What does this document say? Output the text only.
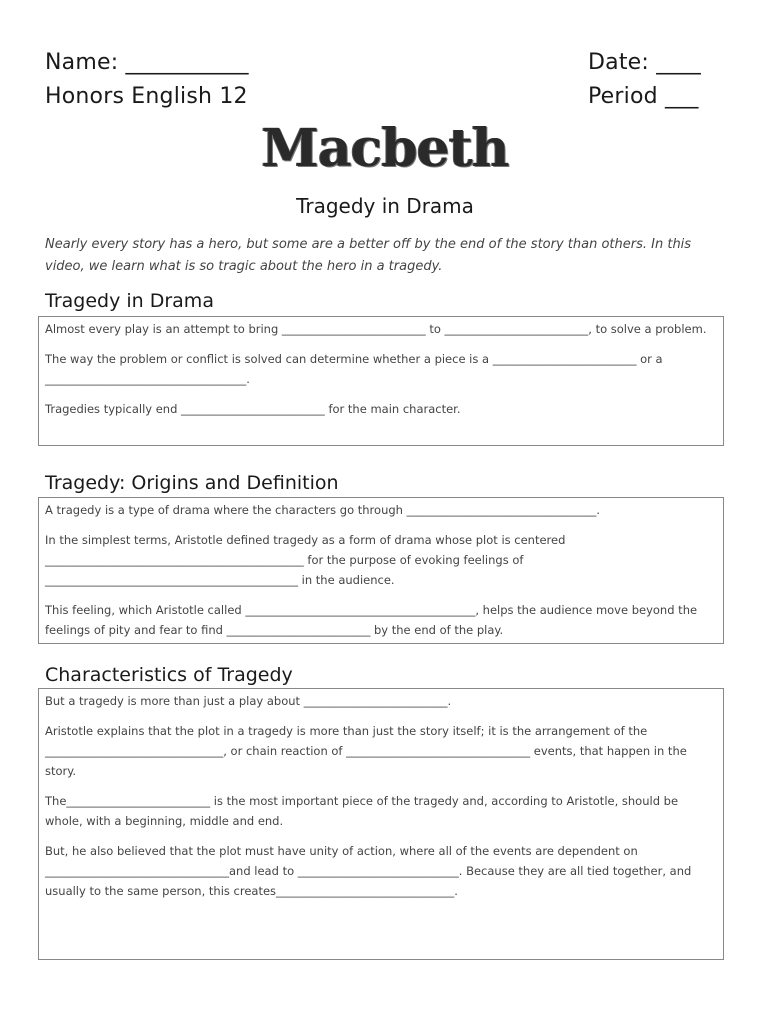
Name: ___________
Honors English 12
Date: ____
Period ___
Macbeth
Tragedy in Drama
Nearly every story has a hero, but some are a better off by the end of the story than others. In this video, we learn what is so tragic about the hero in a tragedy.
Tragedy in Drama

Almost every play is an attempt to bring _________________________ to _________________________, to solve a problem.

The way the problem or conflict is solved can determine whether a piece is a _________________________ or a ___________________________________.

Tragedies typically end _________________________ for the main character.

Tragedy: Origins and Definition

A tragedy is a type of drama where the characters go through _________________________________.

In the simplest terms, Aristotle defined tragedy as a form of drama whose plot is centered _____________________________________________ for the purpose of evoking feelings of ____________________________________________ in the audience.

This feeling, which Aristotle called ________________________________________, helps the audience move beyond the feelings of pity and fear to find _________________________ by the end of the play.

Characteristics of Tragedy

But a tragedy is more than just a play about _________________________.

Aristotle explains that the plot in a tragedy is more than just the story itself; it is the arrangement of the _______________________________, or chain reaction of ________________________________ events, that happen in the story.

The_________________________ is the most important piece of the tragedy and, according to Aristotle, should be whole, with a beginning, middle and end.

But, he also believed that the plot must have unity of action, where all of the events are dependent on ________________________________and lead to ____________________________. Because they are all tied together, and usually to the same person, this creates_______________________________.
